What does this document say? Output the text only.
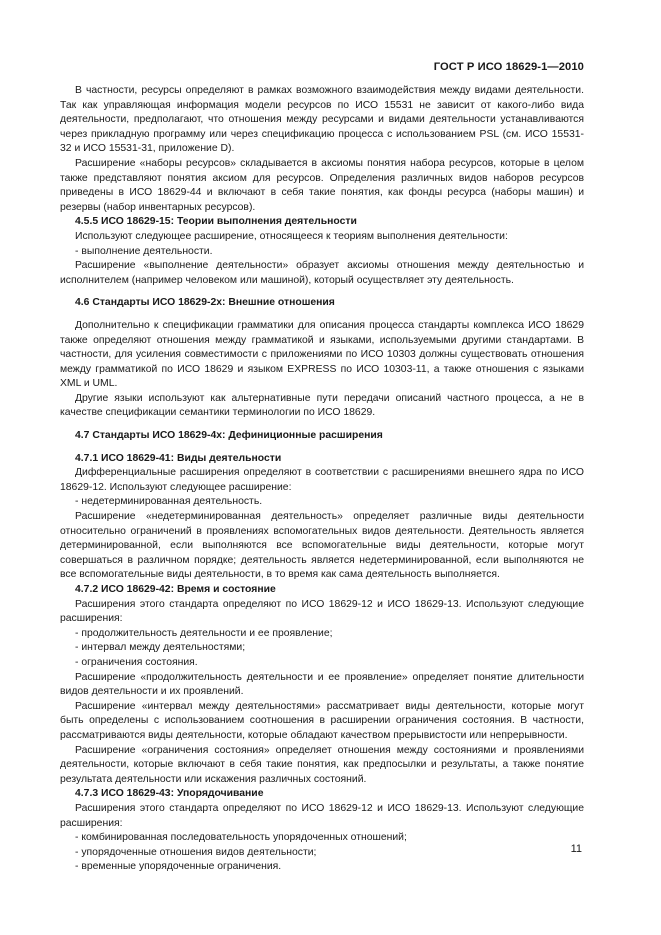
ГОСТ Р ИСО 18629-1—2010

В частности, ресурсы определяют в рамках возможного взаимодействия между видами деятельности. Так как управляющая информация модели ресурсов по ИСО 15531 не зависит от какого-либо вида деятельности, предполагают, что отношения между ресурсами и видами деятельности устанавливаются через прикладную программу или через спецификацию процесса с использованием PSL (см. ИСО 15531-32 и ИСО 15531-31, приложение D).

Расширение «наборы ресурсов» складывается в аксиомы понятия набора ресурсов, которые в целом также представляют понятия аксиом для ресурсов. Определения различных видов наборов ресурсов приведены в ИСО 18629-44 и включают в себя такие понятия, как фонды ресурса (наборы машин) и резервы (набор инвентарных ресурсов).

4.5.5 ИСО 18629-15: Теории выполнения деятельности

Используют следующее расширение, относящееся к теориям выполнения деятельности:

- выполнение деятельности.

Расширение «выполнение деятельности» образует аксиомы отношения между деятельностью и исполнителем (например человеком или машиной), который осуществляет эту деятельность.

4.6 Стандарты ИСО 18629-2х: Внешние отношения

Дополнительно к спецификации грамматики для описания процесса стандарты комплекса ИСО 18629 также определяют отношения между грамматикой и языками, используемыми другими стандартами. В частности, для усиления совместимости с приложениями по ИСО 10303 должны существовать отношения между грамматикой по ИСО 18629 и языком EXPRESS по ИСО 10303-11, а также отношения с языками XML и UML.

Другие языки используют как альтернативные пути передачи описаний частного процесса, а не в качестве спецификации семантики терминологии по ИСО 18629.

4.7 Стандарты ИСО 18629-4х: Дефиниционные расширения

4.7.1 ИСО 18629-41: Виды деятельности

Дифференциальные расширения определяют в соответствии с расширениями внешнего ядра по ИСО 18629-12. Используют следующее расширение:

- недетерминированная деятельность.

Расширение «недетерминированная деятельность» определяет различные виды деятельности относительно ограничений в проявлениях вспомогательных видов деятельности. Деятельность является детерминированной, если выполняются все вспомогательные виды деятельности, которые могут совершаться в различном порядке; деятельность является недетерминированной, если выполняются не все вспомогательные виды деятельности, в то время как сама деятельность выполняется.

4.7.2 ИСО 18629-42: Время и состояние

Расширения этого стандарта определяют по ИСО 18629-12 и ИСО 18629-13. Используют следующие расширения:

- продолжительность деятельности и ее проявление;

- интервал между деятельностями;

- ограничения состояния.

Расширение «продолжительность деятельности и ее проявление» определяет понятие длительности видов деятельности и их проявлений.

Расширение «интервал между деятельностями» рассматривает виды деятельности, которые могут быть определены с использованием соотношения в расширении ограничения состояния. В частности, рассматриваются виды деятельности, которые обладают качеством прерывистости или непрерывности.

Расширение «ограничения состояния» определяет отношения между состояниями и проявлениями деятельности, которые включают в себя такие понятия, как предпосылки и результаты, а также понятие результата деятельности или искажения различных состояний.

4.7.3 ИСО 18629-43: Упорядочивание

Расширения этого стандарта определяют по ИСО 18629-12 и ИСО 18629-13. Используют следующие расширения:

- комбинированная последовательность упорядоченных отношений;

- упорядоченные отношения видов деятельности;

- временные упорядоченные ограничения.

11
